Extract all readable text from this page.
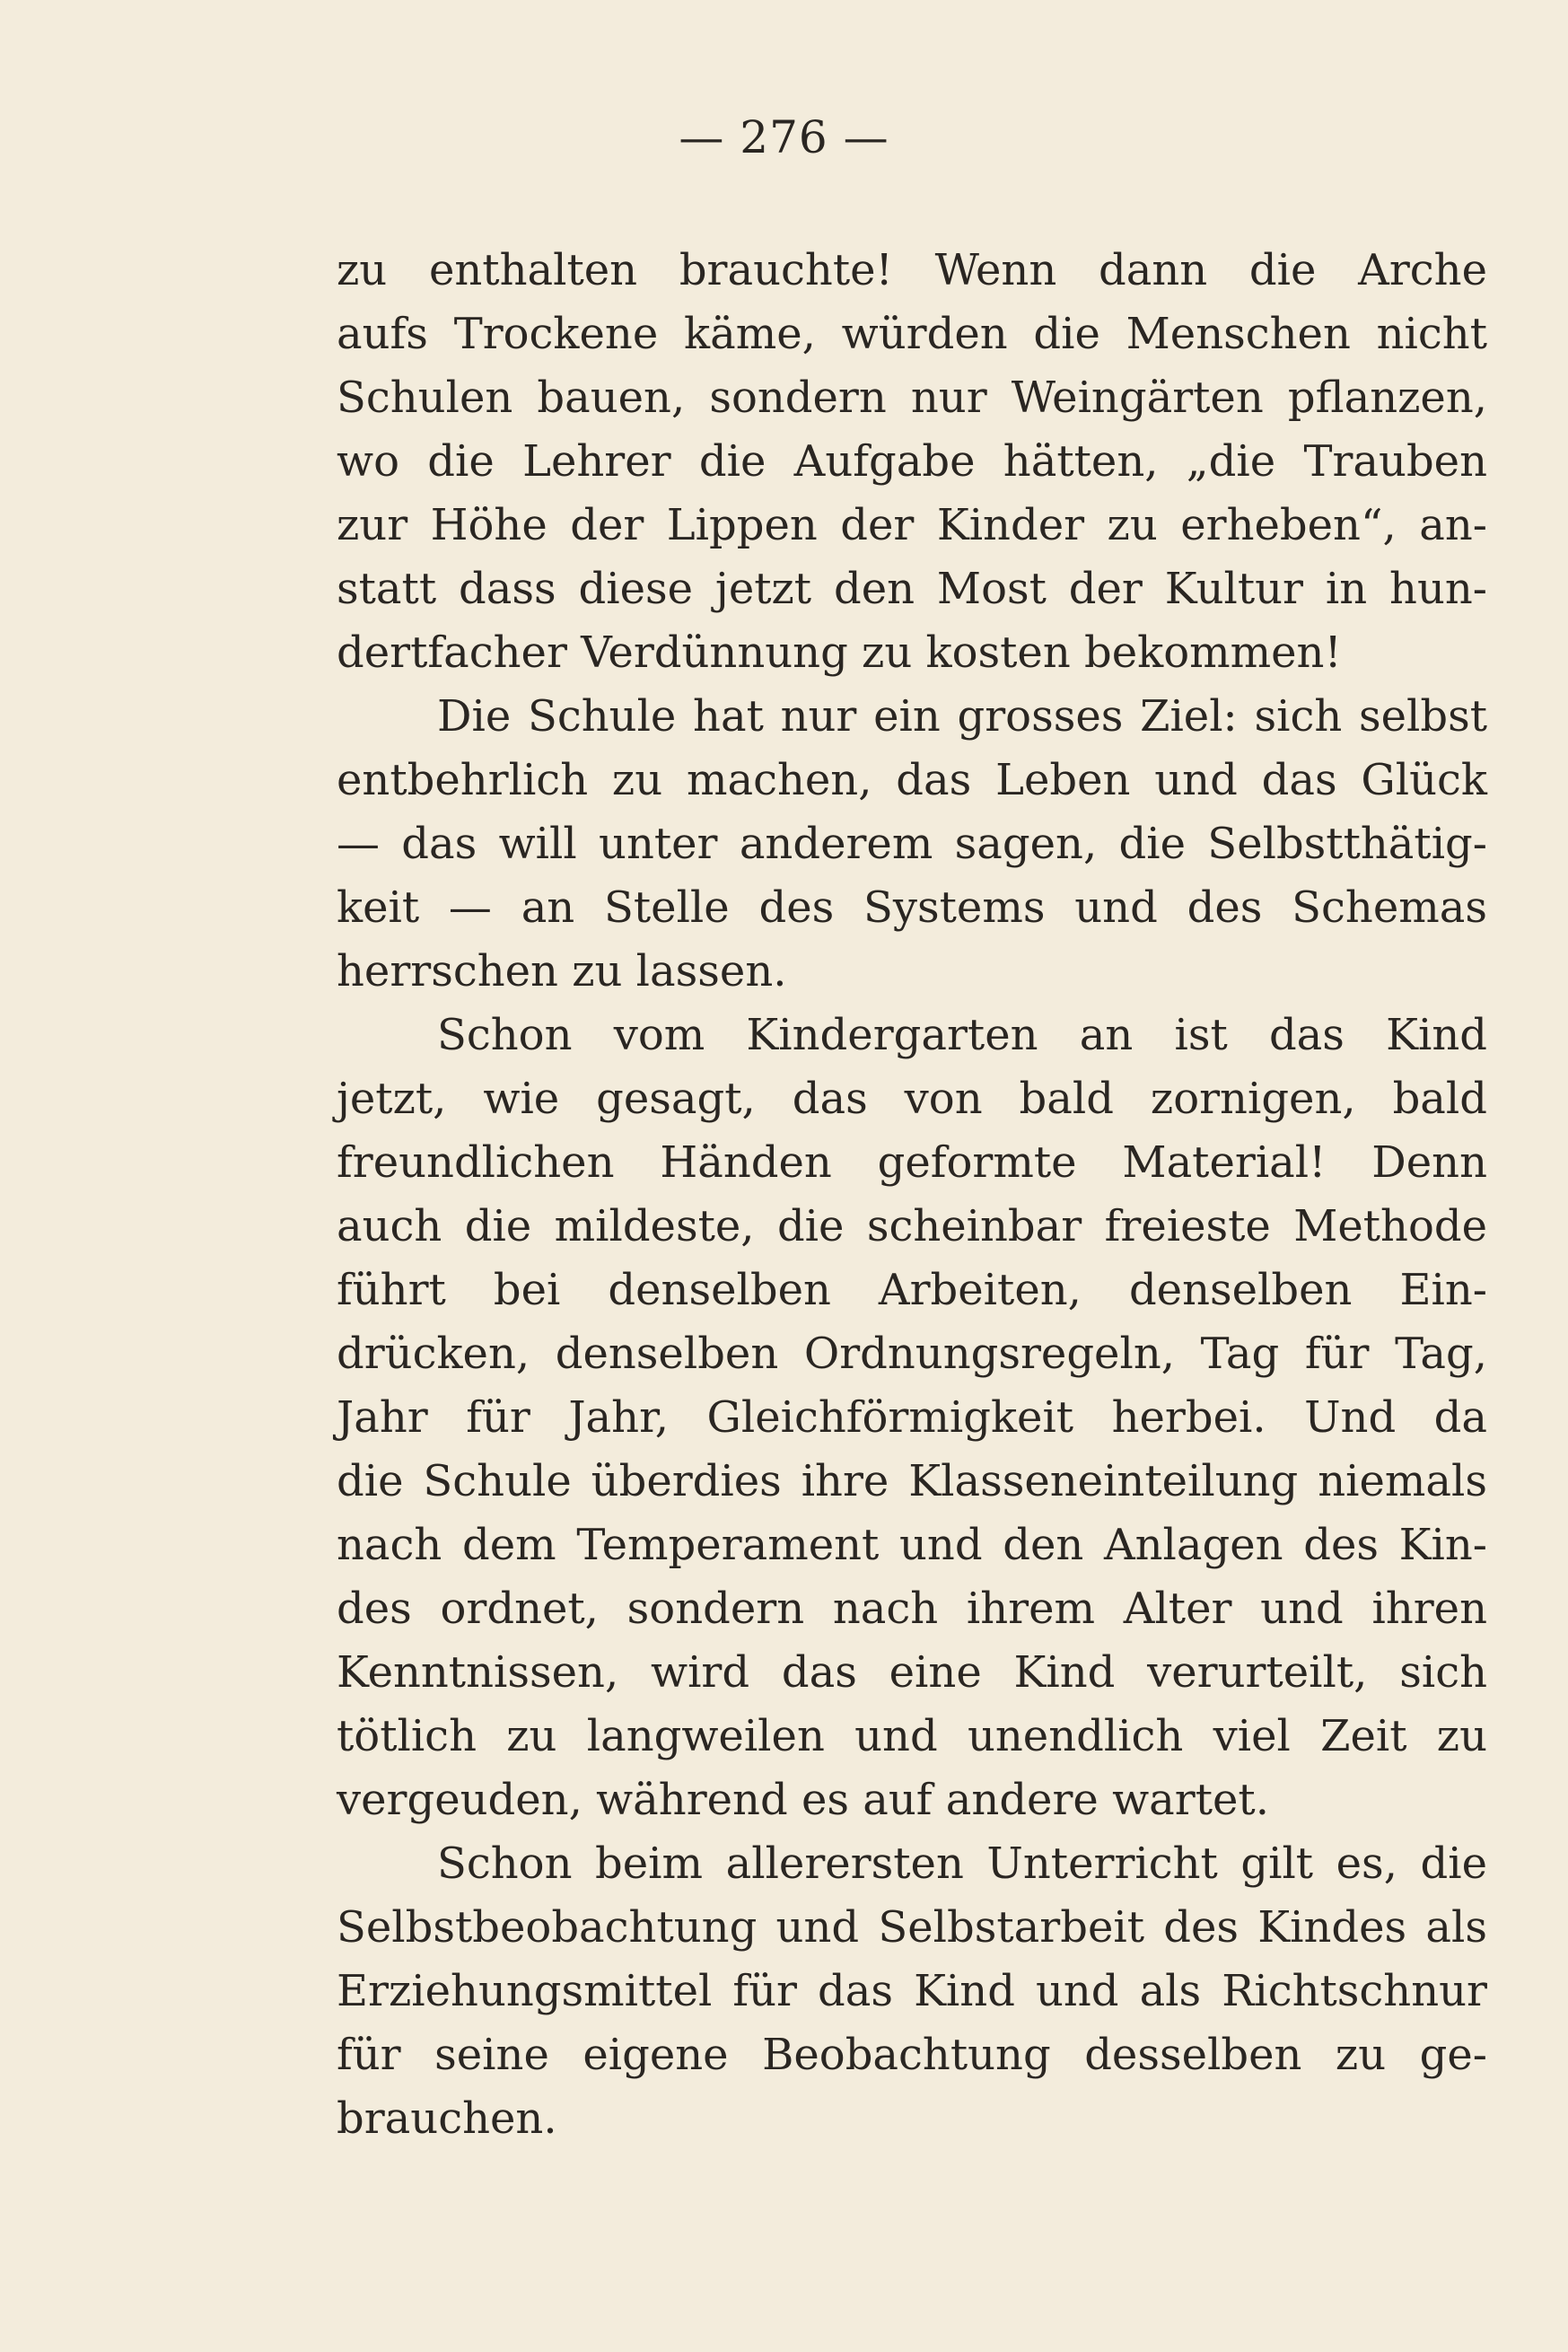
— 276 —
zu enthalten brauchte! Wenn dann die Arche
aufs Trockene käme, würden die Menschen nicht
Schulen bauen, sondern nur Weingärten pflanzen,
wo die Lehrer die Aufgabe hätten, „die Trauben
zur Höhe der Lippen der Kinder zu erheben“, an-
statt dass diese jetzt den Most der Kultur in hun-
dertfacher Verdünnung zu kosten bekommen!
Die Schule hat nur ein grosses Ziel: sich selbst
entbehrlich zu machen, das Leben und das Glück
— das will unter anderem sagen, die Selbstthätig-
keit — an Stelle des Systems und des Schemas
herrschen zu lassen.
Schon vom Kindergarten an ist das Kind
jetzt, wie gesagt, das von bald zornigen, bald
freundlichen Händen geformte Material! Denn
auch die mildeste, die scheinbar freieste Methode
führt bei denselben Arbeiten, denselben Ein-
drücken, denselben Ordnungsregeln, Tag für Tag,
Jahr für Jahr, Gleichförmigkeit herbei. Und da
die Schule überdies ihre Klasseneinteilung niemals
nach dem Temperament und den Anlagen des Kin-
des ordnet, sondern nach ihrem Alter und ihren
Kenntnissen, wird das eine Kind verurteilt, sich
tötlich zu langweilen und unendlich viel Zeit zu
vergeuden, während es auf andere wartet.
Schon beim allerersten Unterricht gilt es, die
Selbstbeobachtung und Selbstarbeit des Kindes als
Erziehungsmittel für das Kind und als Richtschnur
für seine eigene Beobachtung desselben zu ge-
brauchen.
